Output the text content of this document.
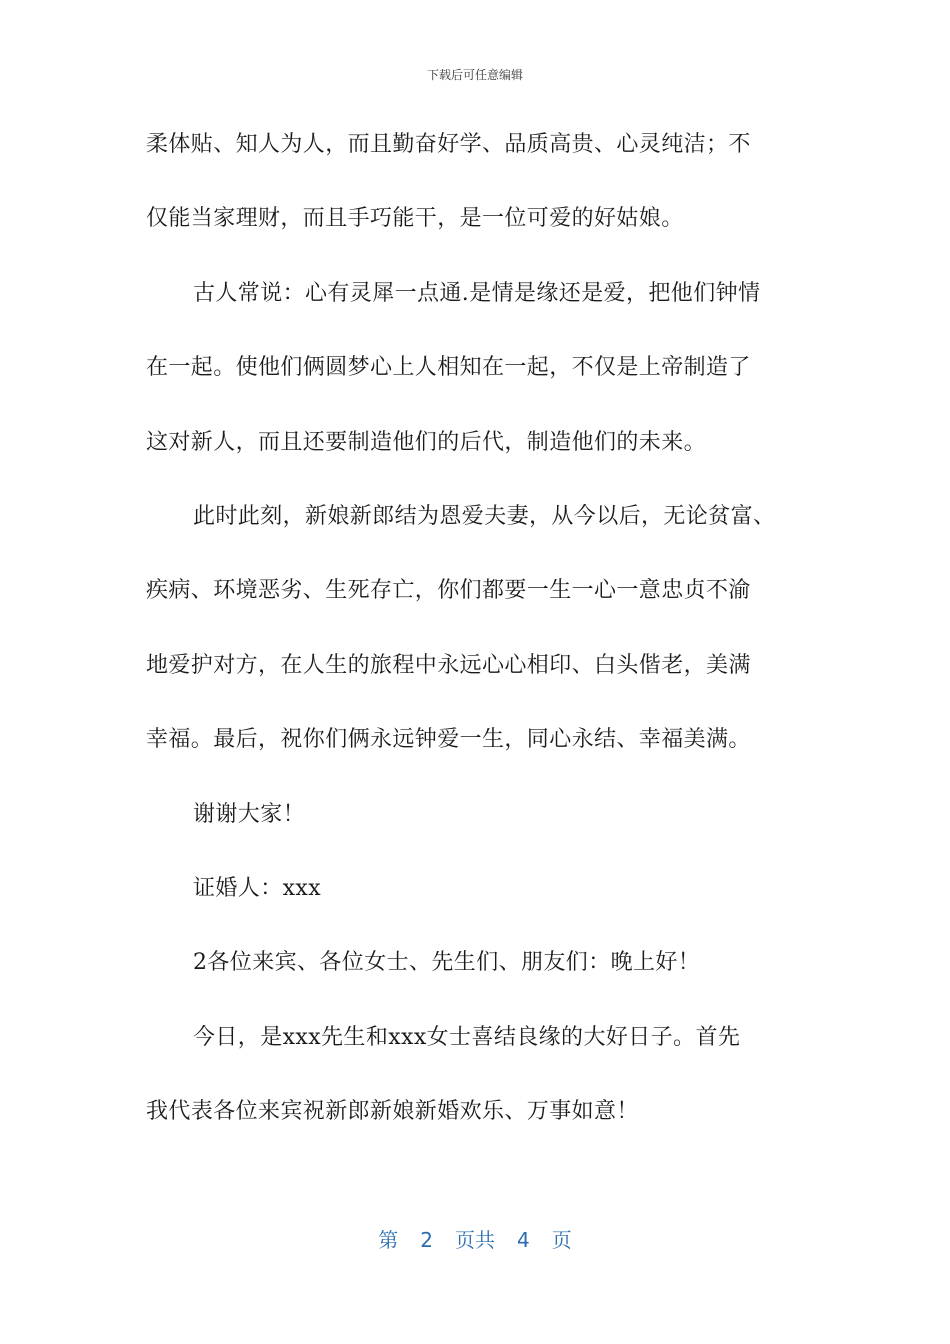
下载后可任意编辑
柔体贴、知人为人，而且勤奋好学、品质高贵、心灵纯洁；不
仅能当家理财，而且手巧能干，是一位可爱的好姑娘。
古人常说：心有灵犀一点通.是情是缘还是爱，把他们钟情
在一起。使他们俩圆梦心上人相知在一起，不仅是上帝制造了
这对新人，而且还要制造他们的后代，制造他们的未来。
此时此刻，新娘新郎结为恩爱夫妻，从今以后，无论贫富、
疾病、环境恶劣、生死存亡，你们都要一生一心一意忠贞不渝
地爱护对方，在人生的旅程中永远心心相印、白头偕老，美满
幸福。最后，祝你们俩永远钟爱一生，同心永结、幸福美满。
谢谢大家！
证婚人：xxx
2各位来宾、各位女士、先生们、朋友们：晚上好！
今日，是xxx先生和xxx女士喜结良缘的大好日子。首先
我代表各位来宾祝新郎新娘新婚欢乐、万事如意！
第 2 页共 4 页
